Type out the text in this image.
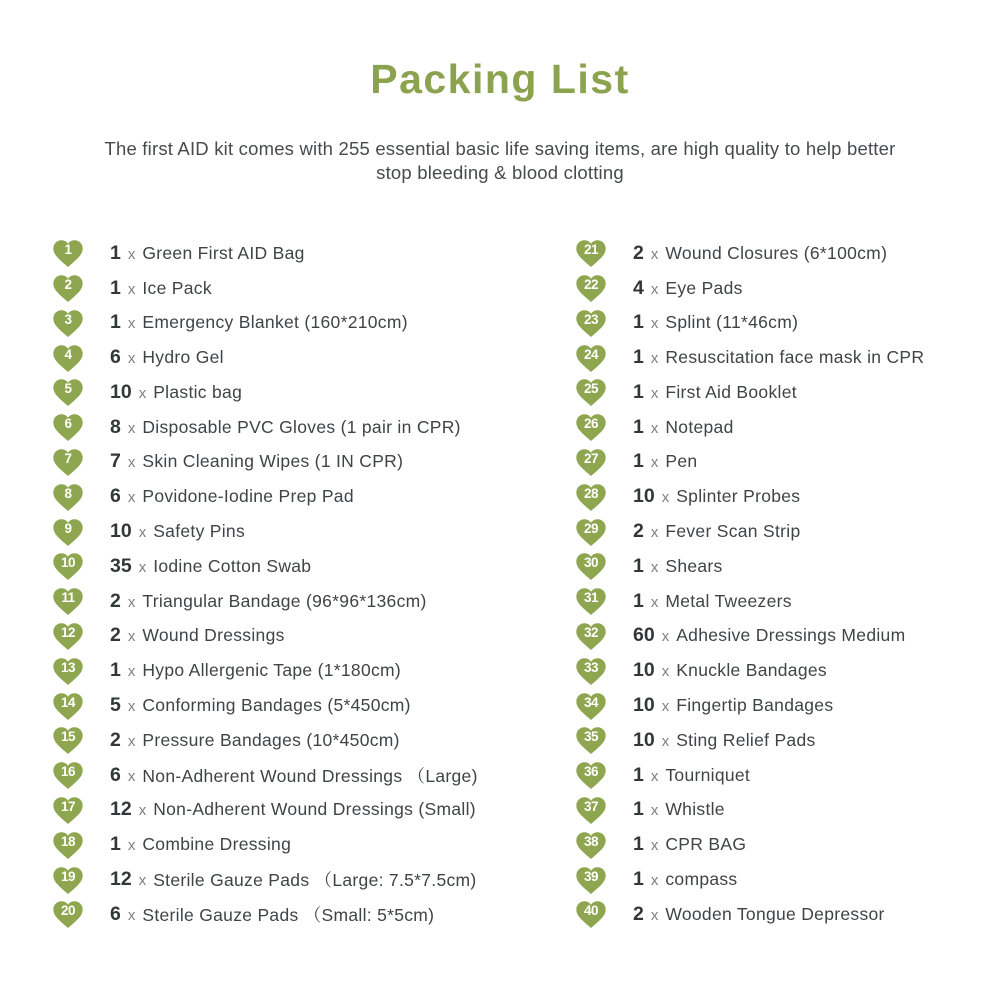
Packing List

The first AID kit comes with 255 essential basic life saving items, are high quality to help better stop bleeding & blood clotting

1	1 x Green First AID Bag
2	1 x Ice Pack
3	1 x Emergency Blanket (160*210cm)
4	6 x Hydro Gel
5	10 x Plastic bag
6	8 x Disposable PVC Gloves (1 pair in CPR)
7	7 x Skin Cleaning Wipes (1 IN CPR)
8	6 x Povidone-Iodine Prep Pad
9	10 x Safety Pins
10	35 x Iodine Cotton Swab
11	2 x Triangular Bandage (96*96*136cm)
12	2 x Wound Dressings
13	1 x Hypo Allergenic Tape (1*180cm)
14	5 x Conforming Bandages (5*450cm)
15	2 x Pressure Bandages (10*450cm)
16	6 x Non-Adherent Wound Dressings （Large)
17	12 x Non-Adherent Wound Dressings (Small)
18	1 x Combine Dressing
19	12 x Sterile Gauze Pads （Large: 7.5*7.5cm)
20	6 x Sterile Gauze Pads （Small: 5*5cm)
21	2 x Wound Closures (6*100cm)
22	4 x Eye Pads
23	1 x Splint (11*46cm)
24	1 x Resuscitation face mask in CPR
25	1 x First Aid Booklet
26	1 x Notepad
27	1 x Pen
28	10 x Splinter Probes
29	2 x Fever Scan Strip
30	1 x Shears
31	1 x Metal Tweezers
32	60 x Adhesive Dressings Medium
33	10 x Knuckle Bandages
34	10 x Fingertip Bandages
35	10 x Sting Relief Pads
36	1 x Tourniquet
37	1 x Whistle
38	1 x CPR BAG
39	1 x compass
40	2 x Wooden Tongue Depressor
